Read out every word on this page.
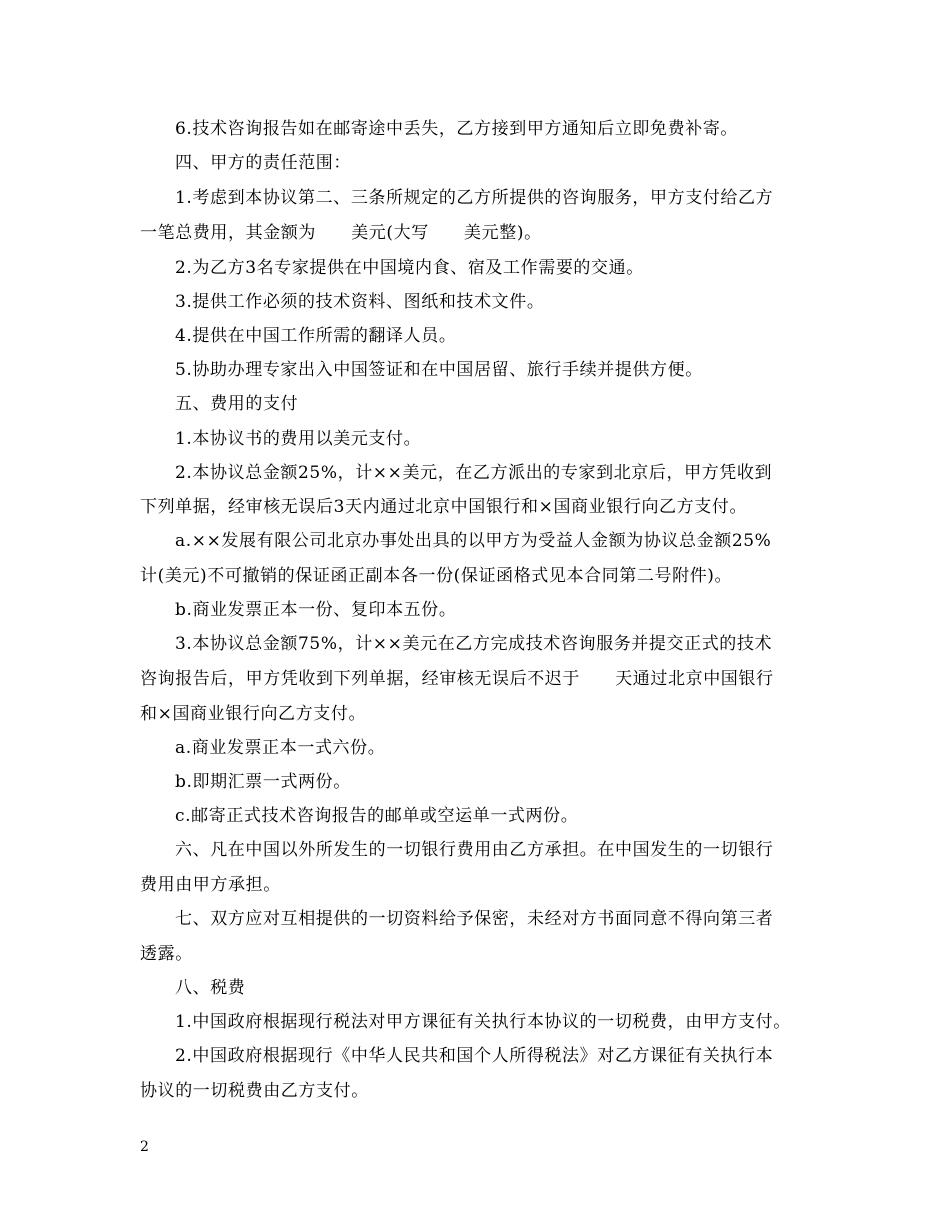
6.技术咨询报告如在邮寄途中丢失，乙方接到甲方通知后立即免费补寄。
四、甲方的责任范围：
1.考虑到本协议第二、三条所规定的乙方所提供的咨询服务，甲方支付给乙方
一笔总费用，其金额为　　美元(大写　　美元整)。
2.为乙方3名专家提供在中国境内食、宿及工作需要的交通。
3.提供工作必须的技术资料、图纸和技术文件。
4.提供在中国工作所需的翻译人员。
5.协助办理专家出入中国签证和在中国居留、旅行手续并提供方便。
五、费用的支付
1.本协议书的费用以美元支付。
2.本协议总金额25%，计××美元，在乙方派出的专家到北京后，甲方凭收到
下列单据，经审核无误后3天内通过北京中国银行和×国商业银行向乙方支付。
a.××发展有限公司北京办事处出具的以甲方为受益人金额为协议总金额25%
计(美元)不可撤销的保证函正副本各一份(保证函格式见本合同第二号附件)。
b.商业发票正本一份、复印本五份。
3.本协议总金额75%，计××美元在乙方完成技术咨询服务并提交正式的技术
咨询报告后，甲方凭收到下列单据，经审核无误后不迟于　　天通过北京中国银行
和×国商业银行向乙方支付。
a.商业发票正本一式六份。
b.即期汇票一式两份。
c.邮寄正式技术咨询报告的邮单或空运单一式两份。
六、凡在中国以外所发生的一切银行费用由乙方承担。在中国发生的一切银行
费用由甲方承担。
七、双方应对互相提供的一切资料给予保密，未经对方书面同意不得向第三者
透露。
八、税费
1.中国政府根据现行税法对甲方课征有关执行本协议的一切税费，由甲方支付。
2.中国政府根据现行《中华人民共和国个人所得税法》对乙方课征有关执行本
协议的一切税费由乙方支付。
2
